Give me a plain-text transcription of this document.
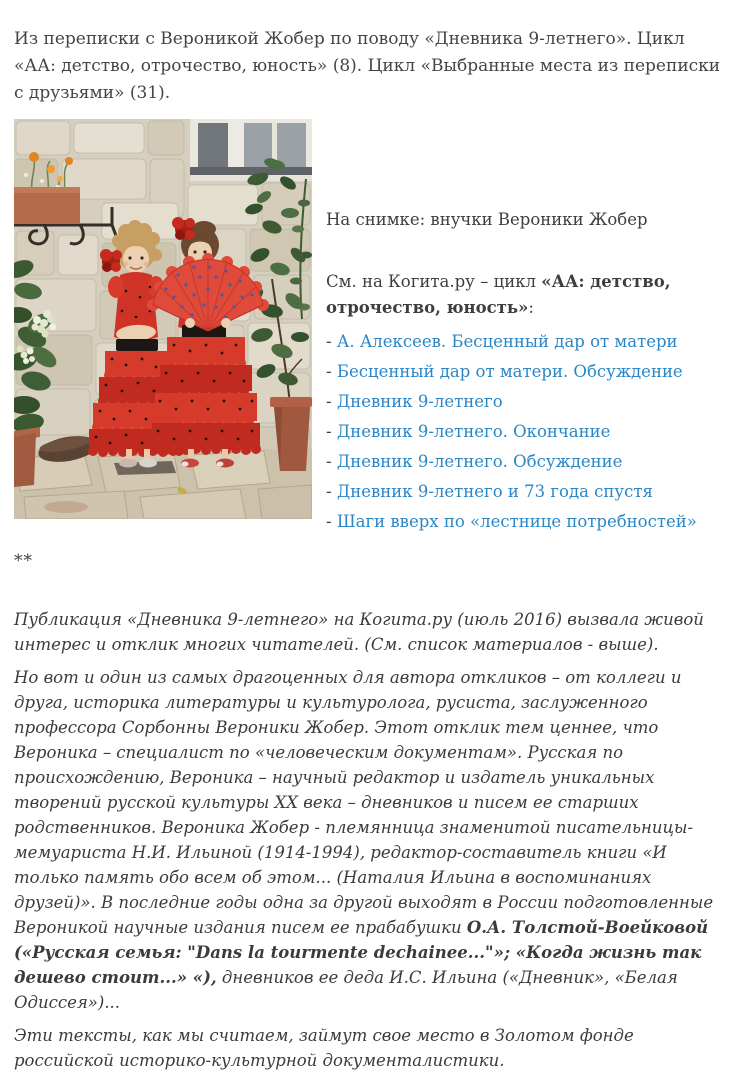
Из переписки с Вероникой Жобер по поводу «Дневника 9-летнего». Цикл «АА: детство, отрочество, юность» (8). Цикл «Выбранные места из переписки с друзьями» (31).

На снимке: внучки Вероники Жобер

См. на Когита.ру – цикл «АА: детство, отрочество, юность»:

- А. Алексеев. Бесценный дар от матери
- Бесценный дар от матери. Обсуждение
- Дневник 9-летнего
- Дневник 9-летнего. Окончание
- Дневник 9-летнего. Обсуждение
- Дневник 9-летнего и 73 года спустя
- Шаги вверх по «лестнице потребностей»

**

Публикация «Дневника 9-летнего» на Когита.ру (июль 2016) вызвала живой интерес и отклик многих читателей. (См. список материалов - выше).

Но вот и один из самых драгоценных для автора откликов – от коллеги и друга, историка литературы и культуролога, русиста, заслуженного профессора Сорбонны Вероники Жобер. Этот отклик тем ценнее, что Вероника – специалист по «человеческим документам». Русская по происхождению, Вероника – научный редактор и издатель уникальных творений русской культуры XX века – дневников и писем ее старших родственников. Вероника Жобер - племянница знаменитой писательницы-мемуариста Н.И. Ильиной (1914-1994), редактор-составитель книги «И только память обо всем об этом... (Наталия Ильина в воспоминаниях друзей)». В последние годы одна за другой выходят в России подготовленные Вероникой научные издания писем ее прабабушки О.А. Толстой-Воейковой («Русская семья: "Dans la tourmente dechainee..."»; «Когда жизнь так дешево стоит...» «), дневников ее деда И.С. Ильина («Дневник», «Белая Одиссея»)...

Эти тексты, как мы считаем, займут свое место в Золотом фонде российской историко-культурной документалистики.
